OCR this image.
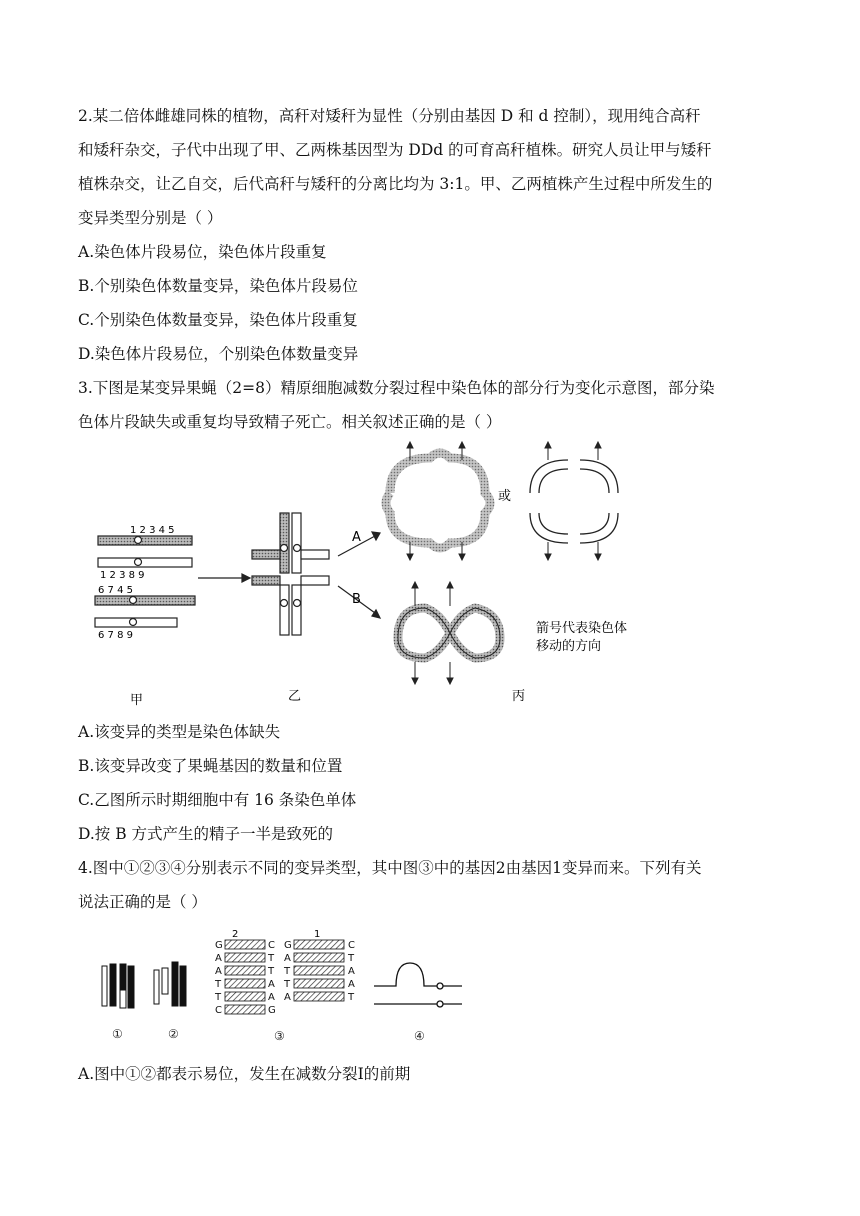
2.某二倍体雌雄同株的植物，高秆对矮秆为显性（分别由基因 D 和 d 控制），现用纯合高秆
和矮秆杂交，子代中出现了甲、乙两株基因型为 DDd 的可育高秆植株。研究人员让甲与矮秆
植株杂交，让乙自交，后代高秆与矮秆的分离比均为 3:1。甲、乙两植株产生过程中所发生的
变异类型分别是（ ）
A.染色体片段易位，染色体片段重复
B.个别染色体数量变异，染色体片段易位
C.个别染色体数量变异，染色体片段重复
D.染色体片段易位，个别染色体数量变异
3.下图是某变异果蝇（2=8）精原细胞减数分裂过程中染色体的部分行为变化示意图，部分染
色体片段缺失或重复均导致精子死亡。相关叙述正确的是（ ）
1 2 3 4 5
1 2 3 8 9
6 7 4 5
6 7 8 9
A
B
或
箭号代表染色体
移动的方向
甲	乙	丙
A.该变异的类型是染色体缺失
B.该变异改变了果蝇基因的数量和位置
C.乙图所示时期细胞中有 16 条染色单体
D.按 B 方式产生的精子一半是致死的
4.图中①②③④分别表示不同的变异类型，其中图③中的基因2由基因1变异而来。下列有关
说法正确的是（ ）
G
A
A
T
T
C
C
T
T
A
A
G
2
G
A
T
T
A
C
T
A
A
T
1
①	②	③	④
A.图中①②都表示易位，发生在减数分裂Ⅰ的前期
